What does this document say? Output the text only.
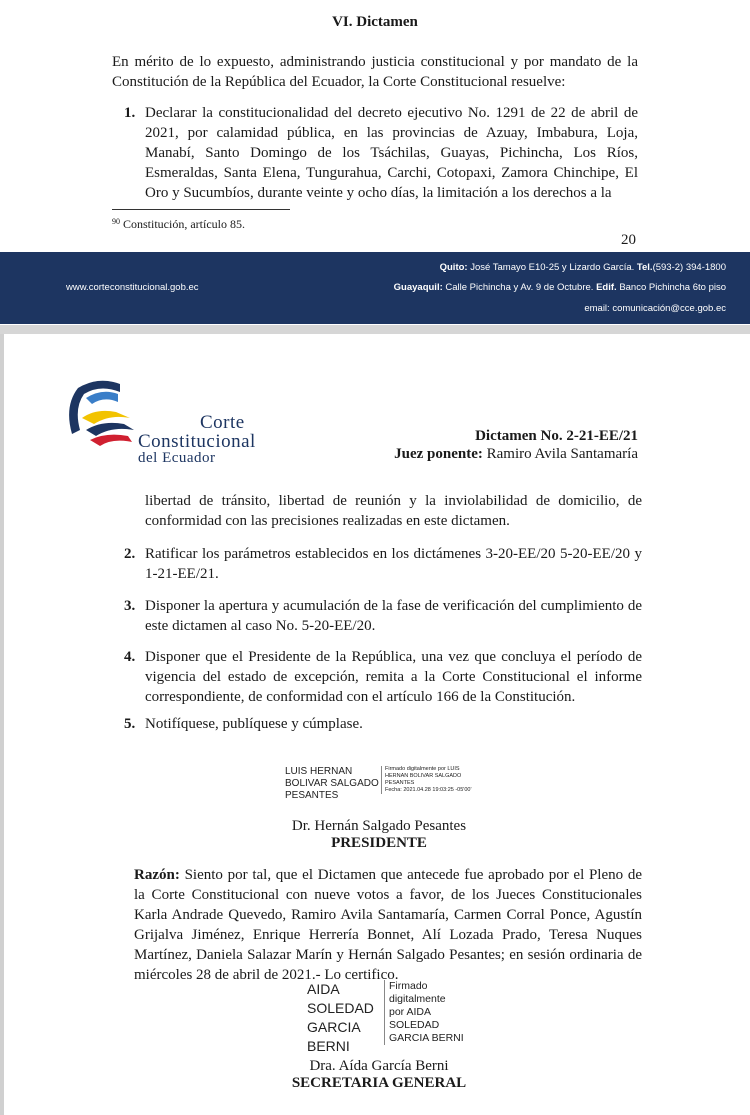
VI. Dictamen
En mérito de lo expuesto, administrando justicia constitucional y por mandato de la Constitución de la República del Ecuador, la Corte Constitucional resuelve:
1. Declarar la constitucionalidad del decreto ejecutivo No. 1291 de 22 de abril de 2021, por calamidad pública, en las provincias de Azuay, Imbabura, Loja, Manabí, Santo Domingo de los Tsáchilas, Guayas, Pichincha, Los Ríos, Esmeraldas, Santa Elena, Tungurahua, Carchi, Cotopaxi, Zamora Chinchipe, El Oro y Sucumbíos, durante veinte y ocho días, la limitación a los derechos a la
$^{90}$ Constitución, artículo 85.
20
www.corteconstitucional.gob.ec
Quito: José Tamayo E10-25 y Lizardo García. Tel.(593-2) 394-1800
Guayaquil: Calle Pichincha y Av. 9 de Octubre. Edif. Banco Pichincha 6to piso
email: comunicación@cce.gob.ec
Corte
Constitucional
del Ecuador
Dictamen No. 2-21-EE/21
Juez ponente: Ramiro Avila Santamaría
libertad de tránsito, libertad de reunión y la inviolabilidad de domicilio, de conformidad con las precisiones realizadas en este dictamen.
2. Ratificar los parámetros establecidos en los dictámenes 3-20-EE/20 5-20-EE/20 y 1-21-EE/21.
3. Disponer la apertura y acumulación de la fase de verificación del cumplimiento de este dictamen al caso No. 5-20-EE/20.
4. Disponer que el Presidente de la República, una vez que concluya el período de vigencia del estado de excepción, remita a la Corte Constitucional el informe correspondiente, de conformidad con el artículo 166 de la Constitución.
5. Notifíquese, publíquese y cúmplase.
LUIS HERNAN
BOLIVAR SALGADO
PESANTES
Firmado digitalmente por LUIS
HERNAN BOLIVAR SALGADO
PESANTES
Fecha: 2021.04.28 19:03:25 -05'00'
Dr. Hernán Salgado Pesantes
PRESIDENTE
Razón: Siento por tal, que el Dictamen que antecede fue aprobado por el Pleno de la Corte Constitucional con nueve votos a favor, de los Jueces Constitucionales Karla Andrade Quevedo, Ramiro Avila Santamaría, Carmen Corral Ponce, Agustín Grijalva Jiménez, Enrique Herrería Bonnet, Alí Lozada Prado, Teresa Nuques Martínez, Daniela Salazar Marín y Hernán Salgado Pesantes; en sesión ordinaria de miércoles 28 de abril de 2021.- Lo certifico.
AIDA
SOLEDAD
GARCIA
BERNI
Firmado
digitalmente
por AIDA
SOLEDAD
GARCIA BERNI
Dra. Aída García Berni
SECRETARIA GENERAL
